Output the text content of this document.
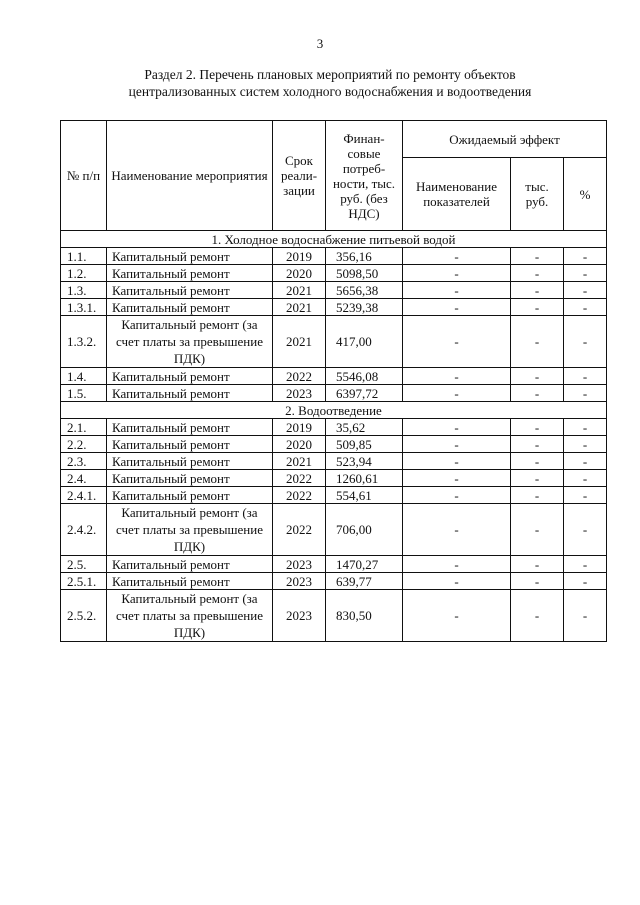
3
Раздел 2. Перечень плановых мероприятий по ремонту объектов
централизованных систем холодного водоснабжения и водоотведения
№ п/п	Наименование мероприятия	Срок реали-зации	Финан-совые потреб-ности, тыс. руб. (без НДС)	Ожидаемый эффект		
				Наименование показателей	тыс. руб.	%
1. Холодное водоснабжение питьевой водой						
1.1.	Капитальный ремонт	2019	356,16	-	-	-
1.2.	Капитальный ремонт	2020	5098,50	-	-	-
1.3.	Капитальный ремонт	2021	5656,38	-	-	-
1.3.1.	Капитальный ремонт	2021	5239,38	-	-	-
1.3.2.	Капитальный ремонт (за счет платы за превышение ПДК)	2021	417,00	-	-	-
1.4.	Капитальный ремонт	2022	5546,08	-	-	-
1.5.	Капитальный ремонт	2023	6397,72	-	-	-
2. Водоотведение						
2.1.	Капитальный ремонт	2019	35,62	-	-	-
2.2.	Капитальный ремонт	2020	509,85	-	-	-
2.3.	Капитальный ремонт	2021	523,94	-	-	-
2.4.	Капитальный ремонт	2022	1260,61	-	-	-
2.4.1.	Капитальный ремонт	2022	554,61	-	-	-
2.4.2.	Капитальный ремонт (за счет платы за превышение ПДК)	2022	706,00	-	-	-
2.5.	Капитальный ремонт	2023	1470,27	-	-	-
2.5.1.	Капитальный ремонт	2023	639,77	-	-	-
2.5.2.	Капитальный ремонт (за счет платы за превышение ПДК)	2023	830,50	-	-	-
